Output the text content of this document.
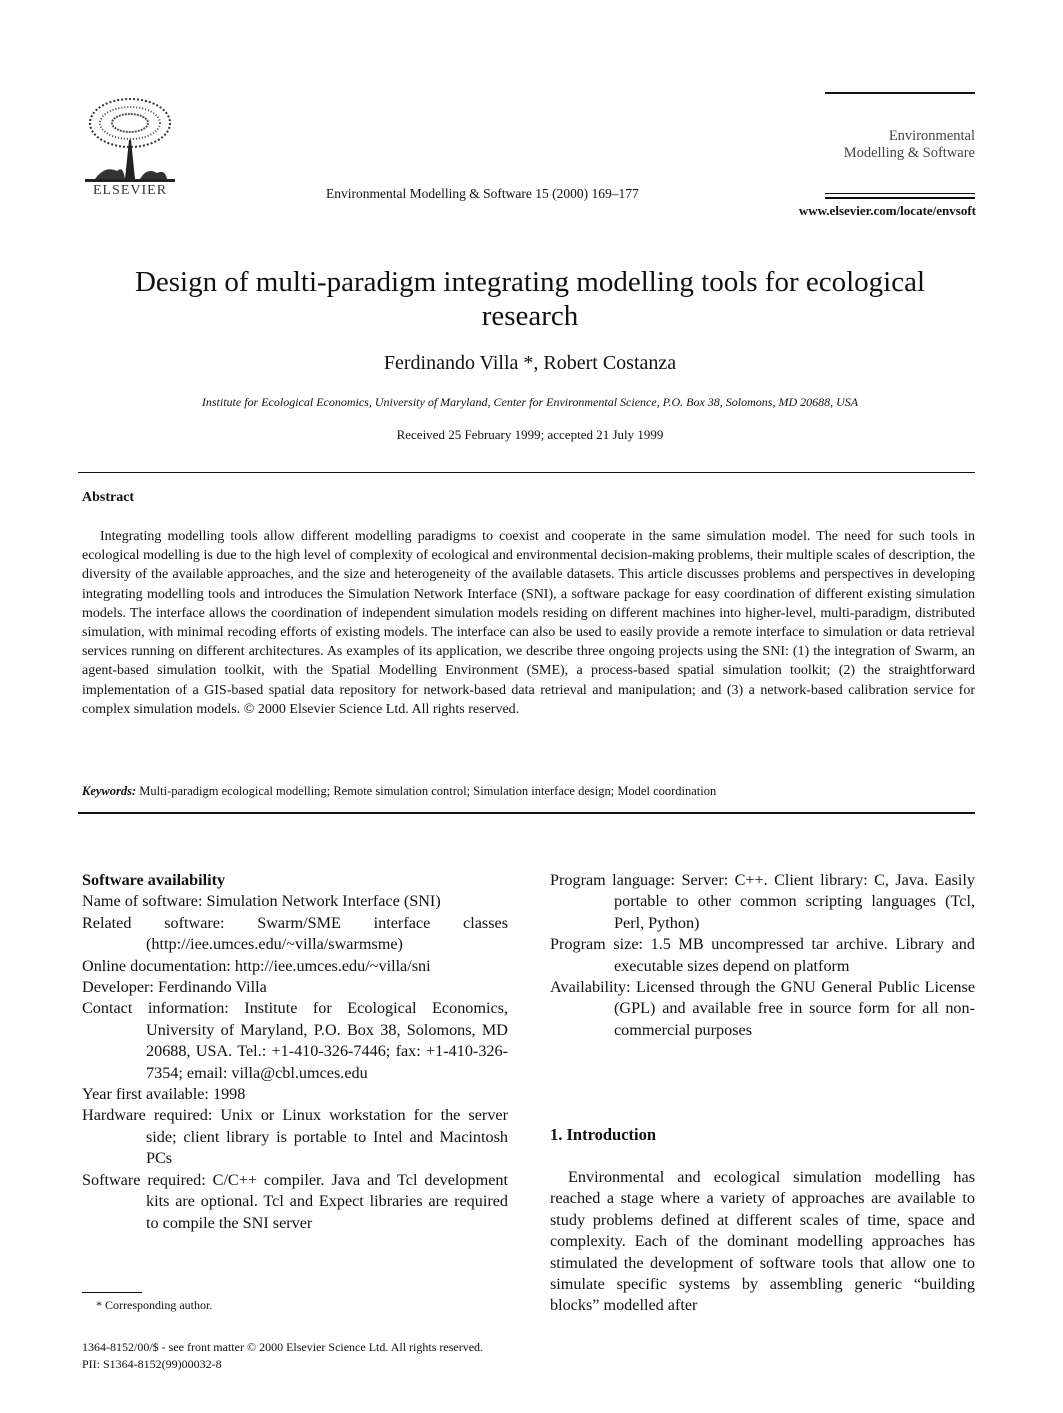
ELSEVIER	Environmental Modelling & Software 15 (2000) 169–177
Environmental
Modelling & Software
www.elsevier.com/locate/envsoft
Design of multi-paradigm integrating modelling tools for ecological research
Ferdinando Villa *, Robert Costanza
Institute for Ecological Economics, University of Maryland, Center for Environmental Science, P.O. Box 38, Solomons, MD 20688, USA
Received 25 February 1999; accepted 21 July 1999
Abstract
Integrating modelling tools allow different modelling paradigms to coexist and cooperate in the same simulation model. The need for such tools in ecological modelling is due to the high level of complexity of ecological and environmental decision-making problems, their multiple scales of description, the diversity of the available approaches, and the size and heterogeneity of the available datasets. This article discusses problems and perspectives in developing integrating modelling tools and introduces the Simulation Network Interface (SNI), a software package for easy coordination of different existing simulation models. The interface allows the coordination of independent simulation models residing on different machines into higher-level, multi-paradigm, distributed simulation, with minimal recoding efforts of existing models. The interface can also be used to easily provide a remote interface to simulation or data retrieval services running on different architectures. As examples of its application, we describe three ongoing projects using the SNI: (1) the integration of Swarm, an agent-based simulation toolkit, with the Spatial Modelling Environment (SME), a process-based spatial simulation toolkit; (2) the straightforward implementation of a GIS-based spatial data repository for network-based data retrieval and manipulation; and (3) a network-based calibration service for complex simulation models. © 2000 Elsevier Science Ltd. All rights reserved.
Keywords: Multi-paradigm ecological modelling; Remote simulation control; Simulation interface design; Model coordination
Software availability
Name of software: Simulation Network Interface (SNI)
Related software: Swarm/SME interface classes (http://iee.umces.edu/~villa/swarmsme)
Online documentation: http://iee.umces.edu/~villa/sni
Developer: Ferdinando Villa
Contact information: Institute for Ecological Economics, University of Maryland, P.O. Box 38, Solomons, MD 20688, USA. Tel.: +1-410-326-7446; fax: +1-410-326-7354; email: villa@cbl.umces.edu
Year first available: 1998
Hardware required: Unix or Linux workstation for the server side; client library is portable to Intel and Macintosh PCs
Software required: C/C++ compiler. Java and Tcl development kits are optional. Tcl and Expect libraries are required to compile the SNI server
Program language: Server: C++. Client library: C, Java. Easily portable to other common scripting languages (Tcl, Perl, Python)
Program size: 1.5 MB uncompressed tar archive. Library and executable sizes depend on platform
Availability: Licensed through the GNU General Public License (GPL) and available free in source form for all non-commercial purposes
1. Introduction
Environmental and ecological simulation modelling has reached a stage where a variety of approaches are available to study problems defined at different scales of time, space and complexity. Each of the dominant modelling approaches has stimulated the development of software tools that allow one to simulate specific systems by assembling generic “building blocks” modelled after
* Corresponding author.
1364-8152/00/$ - see front matter © 2000 Elsevier Science Ltd. All rights reserved.
PII: S1364-8152(99)00032-8
